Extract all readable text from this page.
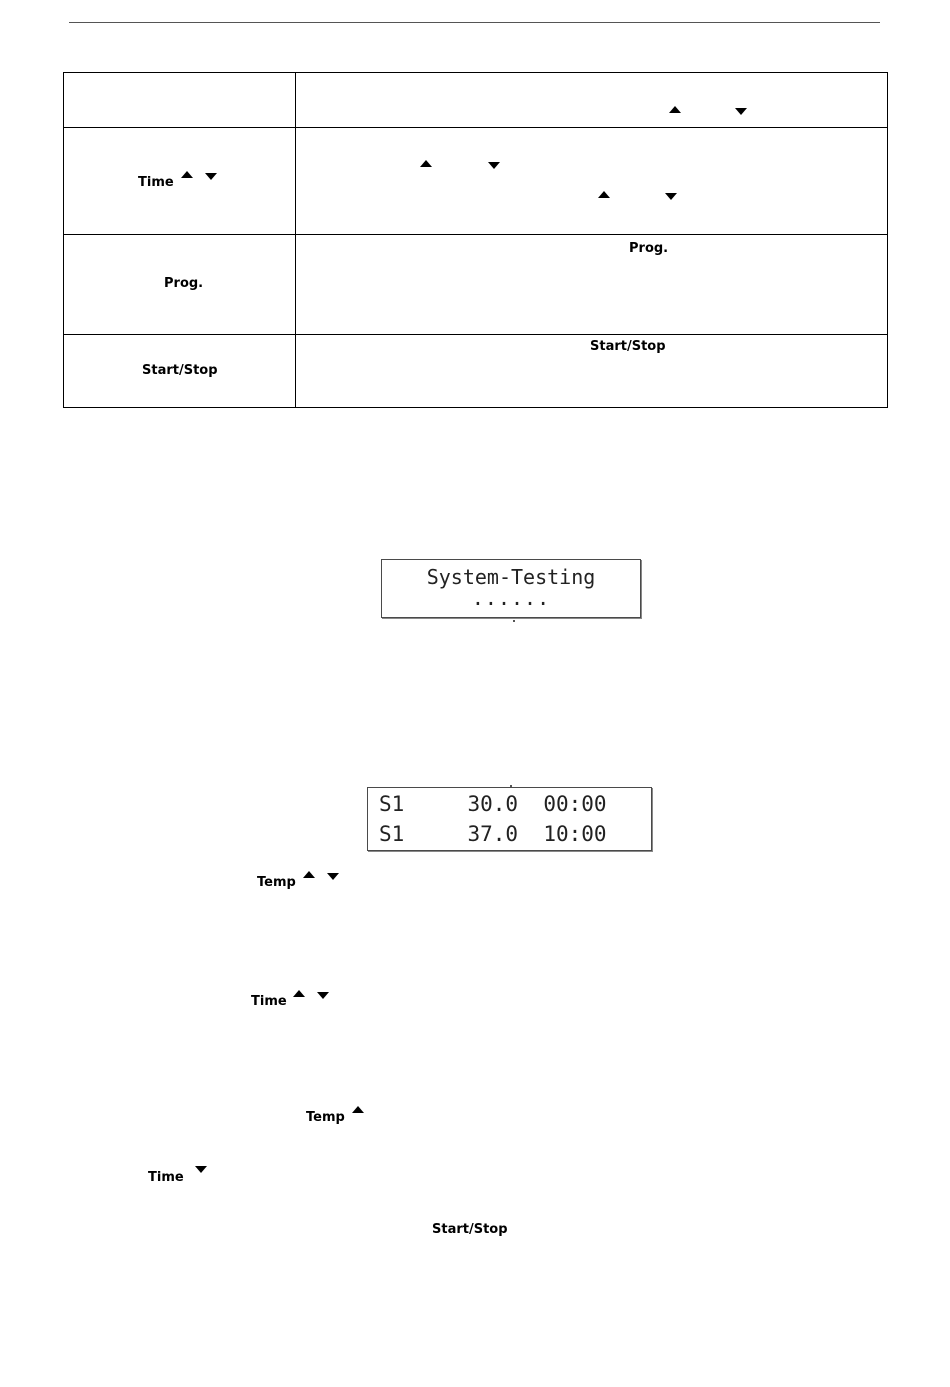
Time	

Prog.	Prog.

Start/Stop	Start/Stop

System-Testing

......

S1     30.0  00:00

S1     37.0  10:00

Temp
Time
Temp
Time
Start/Stop
